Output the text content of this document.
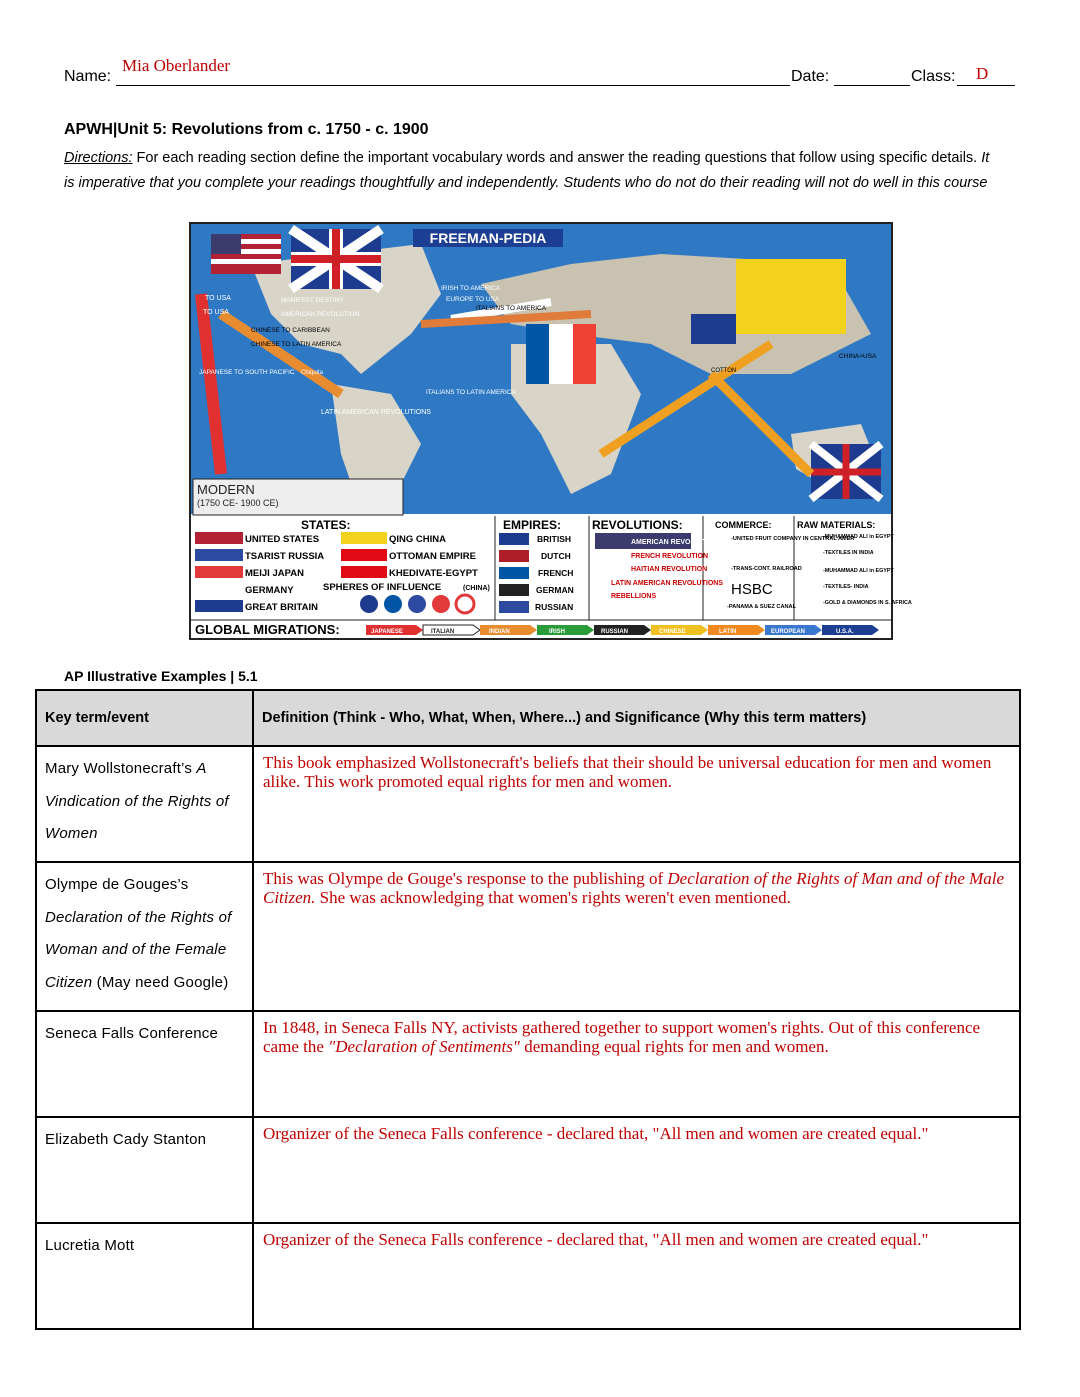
Name:
Mia Oberlander
Date:	Class: D
APWH|Unit 5: Revolutions from c. 1750 - c. 1900
Directions: For each reading section define the important vocabulary words and answer the reading questions that follow using specific details. It is imperative that you complete your readings thoughtfully and independently. Students who do not do their reading will not do well in this course
FREEMAN-PEDIA
TO USA
TO USA
MANIFEST DESTINY
AMERICAN REVOLUTION
IRISH TO AMERICA
EUROPE TO USA
ITALIANS TO AMERICA
CHINESE TO CARIBBEAN
CHINESE TO LATIN AMERICA
JAPANESE TO SOUTH PACIFIC
LATIN AMERICAN REVOLUTIONS
ITALIANS TO LATIN AMERICA
CHINA>USA
COTTON
Chiquita
MODERN
(1750 CE- 1900 CE)
STATES:
UNITED STATES
TSARIST RUSSIA
MEIJI JAPAN
GERMANY
GREAT BRITAIN
QING CHINA
OTTOMAN EMPIRE
KHEDIVATE-EGYPT
SPHERES OF INFLUENCE	(CHINA)
EMPIRES:
BRITISH
DUTCH
FRENCH
GERMAN
RUSSIAN
REVOLUTIONS:
AMERICAN REVOLUTION
FRENCH REVOLUTION
HAITIAN REVOLUTION
LATIN AMERICAN REVOLUTIONS
REBELLIONS
COMMERCE:
-UNITED FRUIT COMPANY IN CENTRAL AMER
-TRANS-CONT. RAILROAD
HSBC
-PANAMA & SUEZ CANAL
RAW MATERIALS:
-MUHAMMAD ALI in EGYPT
-TEXTILES IN INDIA
-MUHAMMAD ALI in EGYPT
-TEXTILES- INDIA
-GOLD & DIAMONDS IN S. AFRICA
GLOBAL MIGRATIONS:	JAPANESE	ITALIAN	INDIAN	IRISH	RUSSIAN	CHINESE	LATIN	EUROPEAN	U.S.A.
AP Illustrative Examples | 5.1
Key term/event	Definition (Think - Who, What, When, Where...) and Significance (Why this term matters)
Mary Wollstonecraft’s A Vindication of the Rights of Women	This book emphasized Wollstonecraft's beliefs that their should be universal education for men and women alike. This work promoted equal rights for men and women.
Olympe de Gouges’s Declaration of the Rights of Woman and of the Female Citizen (May need Google)	This was Olympe de Gouge's response to the publishing of Declaration of the Rights of Man and of the Male Citizen. She was acknowledging that women's rights weren't even mentioned.
Seneca Falls Conference	In 1848, in Seneca Falls NY, activists gathered together to support women's rights. Out of this conference came the "Declaration of Sentiments" demanding equal rights for men and women.
Elizabeth Cady Stanton	Organizer of the Seneca Falls conference - declared that, "All men and women are created equal."
Lucretia Mott	Organizer of the Seneca Falls conference - declared that, "All men and women are created equal."
